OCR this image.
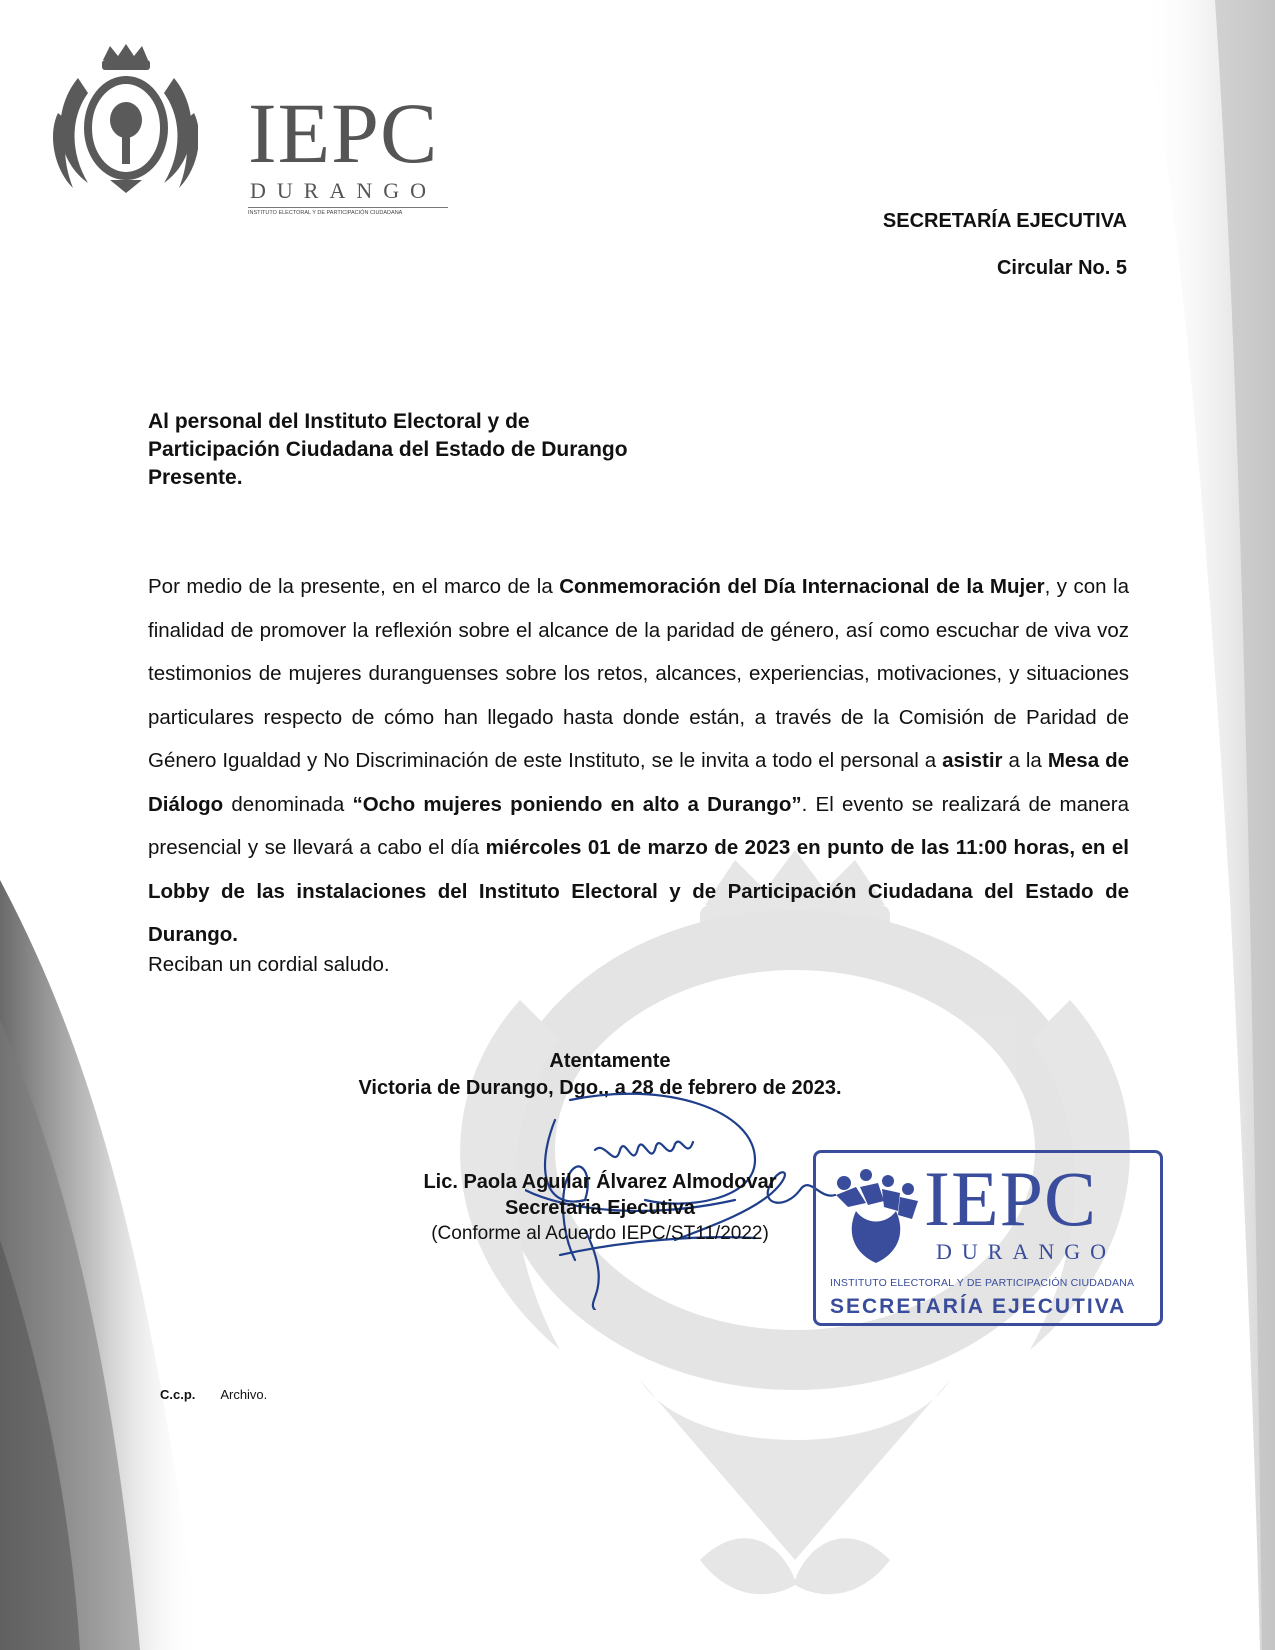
IEPC
DURANGO
INSTITUTO ELECTORAL Y DE PARTICIPACIÓN CIUDADANA	SECRETARÍA EJECUTIVA
Circular No. 5
Al personal del Instituto Electoral y de
Participación Ciudadana del Estado de Durango
Presente.
Por medio de la presente, en el marco de la Conmemoración del Día Internacional de la Mujer, y con la finalidad de promover la reflexión sobre el alcance de la paridad de género, así como escuchar de viva voz testimonios de mujeres duranguenses sobre los retos, alcances, experiencias, motivaciones, y situaciones particulares respecto de cómo han llegado hasta donde están, a través de la Comisión de Paridad de Género Igualdad y No Discriminación de este Instituto, se le invita a todo el personal a asistir a la Mesa de Diálogo denominada “Ocho mujeres poniendo en alto a Durango”. El evento se realizará de manera presencial y se llevará a cabo el día miércoles 01 de marzo de 2023 en punto de las 11:00 horas, en el Lobby de las instalaciones del Instituto Electoral y de Participación Ciudadana del Estado de Durango.
Reciban un cordial saludo.
Atentamente
Victoria de Durango, Dgo., a 28 de febrero de 2023.
Lic. Paola Aguilar Álvarez Almodovar
Secretaria Ejecutiva
(Conforme al Acuerdo IEPC/ST11/2022)	IEPC
DURANGO
INSTITUTO ELECTORAL Y DE PARTICIPACIÓN CIUDADANA
SECRETARÍA EJECUTIVA
C.c.p. Archivo.
